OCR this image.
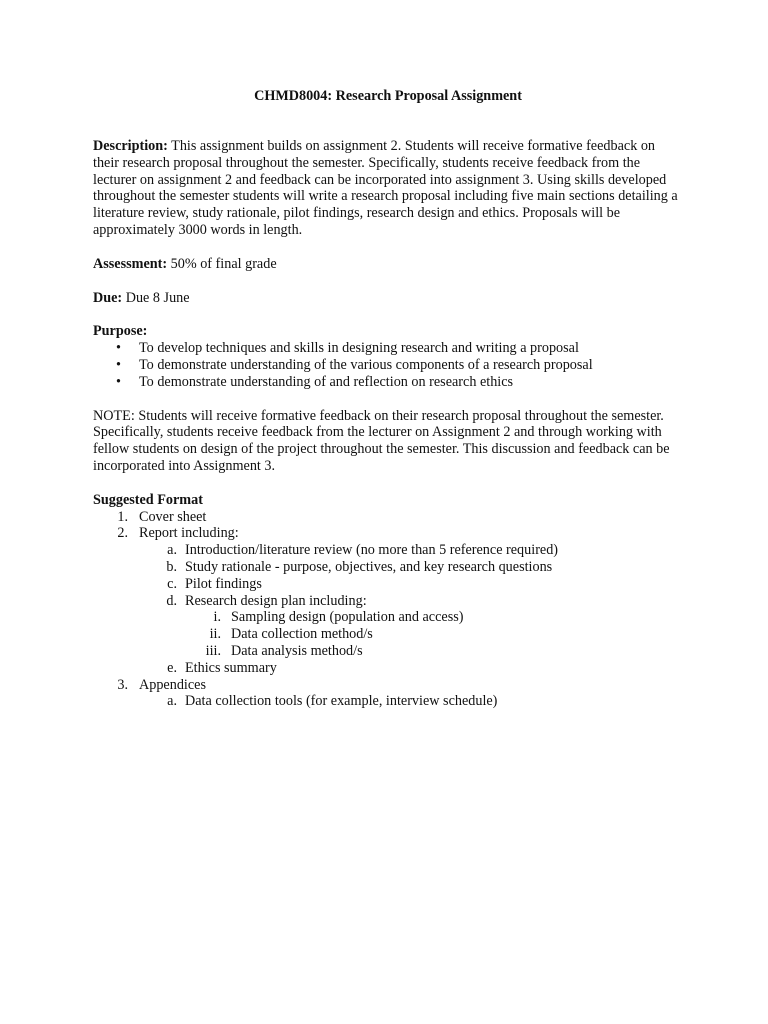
CHMD8004: Research Proposal Assignment

Description: This assignment builds on assignment 2. Students will receive formative feedback on their research proposal throughout the semester. Specifically, students receive feedback from the lecturer on assignment 2 and feedback can be incorporated into assignment 3. Using skills developed throughout the semester students will write a research proposal including five main sections detailing a literature review, study rationale, pilot findings, research design and ethics. Proposals will be approximately 3000 words in length.

Assessment: 50% of final grade

Due: Due 8 June

Purpose:
• To develop techniques and skills in designing research and writing a proposal
• To demonstrate understanding of the various components of a research proposal
• To demonstrate understanding of and reflection on research ethics

NOTE: Students will receive formative feedback on their research proposal throughout the semester. Specifically, students receive feedback from the lecturer on Assignment 2 and through working with fellow students on design of the project throughout the semester. This discussion and feedback can be incorporated into Assignment 3.

Suggested Format
1. Cover sheet
2. Report including:
a. Introduction/literature review (no more than 5 reference required)
b. Study rationale - purpose, objectives, and key research questions
c. Pilot findings
d. Research design plan including:
i. Sampling design (population and access)
ii. Data collection method/s
iii. Data analysis method/s
e. Ethics summary
3. Appendices
a. Data collection tools (for example, interview schedule)
